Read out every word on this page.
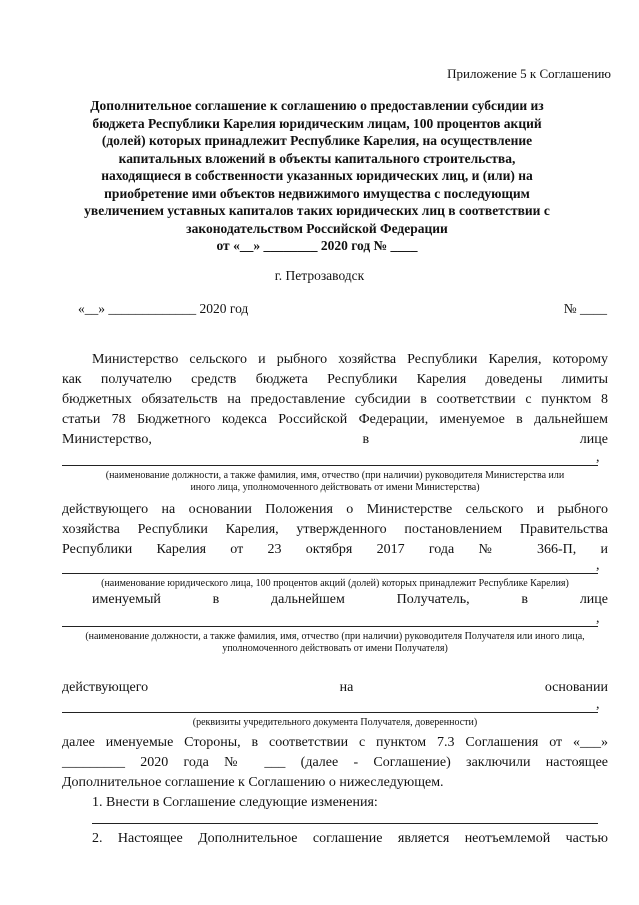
Приложение 5 к Соглашению
Дополнительное соглашение к соглашению о предоставлении субсидии из
бюджета Республики Карелия юридическим лицам, 100 процентов акций
(долей) которых принадлежит Республике Карелия, на осуществление
капитальных вложений в объекты капитального строительства,
находящиеся в собственности указанных юридических лиц, и (или) на
приобретение ими объектов недвижимого имущества с последующим
увеличением уставных капиталов таких юридических лиц в соответствии с
законодательством Российской Федерации
от «__» ________ 2020 год № ____
г. Петрозаводск
«__» _____________ 2020 год	№ ____
Министерство сельского и рыбного хозяйства Республики Карелия, которому
как получателю средств бюджета Республики Карелия доведены лимиты
бюджетных обязательств на предоставление субсидии в соответствии с пунктом 8
статьи 78 Бюджетного кодекса Российской Федерации, именуемое в дальнейшем
Министерство, в лице
,
(наименование должности, а также фамилия, имя, отчество (при наличии) руководителя Министерства или
иного лица, уполномоченного действовать от имени Министерства)
действующего на основании Положения о Министерстве сельского и рыбного
хозяйства Республики Карелия, утвержденного постановлением Правительства
Республики Карелия от 23 октября 2017 года № 366-П, и
,
(наименование юридического лица, 100 процентов акций (долей) которых принадлежит Республике Карелия)
именуемый в дальнейшем Получатель, в лице
,
(наименование должности, а также фамилия, имя, отчество (при наличии) руководителя Получателя или иного лица,
уполномоченного действовать от имени Получателя)
действующего на основании
,
(реквизиты учредительного документа Получателя, доверенности)
далее именуемые Стороны, в соответствии с пунктом 7.3 Соглашения от «___»
_________ 2020 года № ___ (далее - Соглашение) заключили настоящее
Дополнительное соглашение к Соглашению о нижеследующем.
1. Внести в Соглашение следующие изменения:
2. Настоящее Дополнительное соглашение является неотъемлемой частью
